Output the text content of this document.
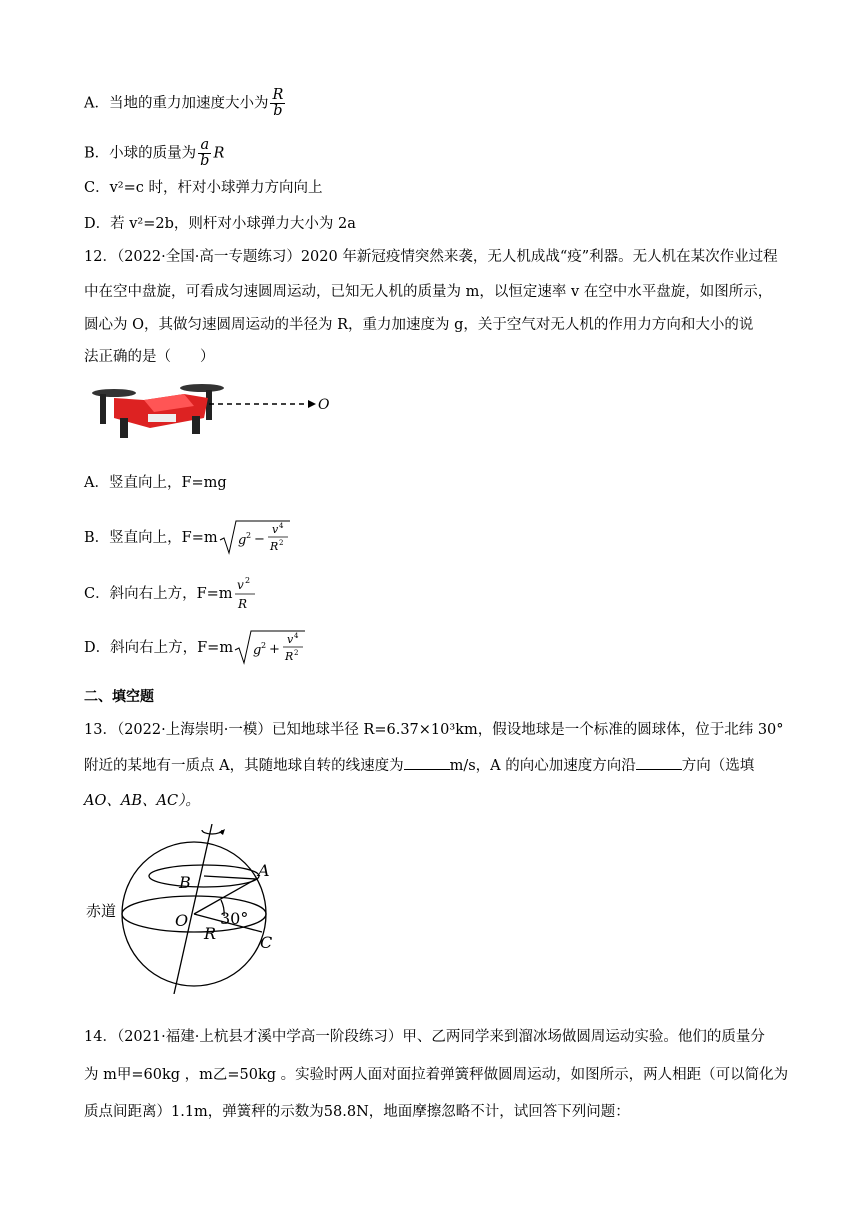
A．当地的重力加速度大小为 $\frac{R}{b}$
B．小球的质量为 $\frac{a}{b}$ R
C．v²=c 时，杆对小球弹力方向向上
D．若 v²=2b，则杆对小球弹力大小为 2a
12．（2022·全国·高一专题练习）2020 年新冠疫情突然来袭，无人机成战“疫”利器。无人机在某次作业过程
中在空中盘旋，可看成匀速圆周运动，已知无人机的质量为 m，以恒定速率 v 在空中水平盘旋，如图所示，
圆心为 O，其做匀速圆周运动的半径为 R，重力加速度为 g，关于空气对无人机的作用力方向和大小的说
法正确的是（　　）
O
A．竖直向上，F=mg
B．竖直向上，F=m g 2 −
v 4
R 2
C．斜向右上方，F=m
v 2
R
D．斜向右上方，F=m g 2 +
v 4
R 2
二、填空题
13．（2022·上海崇明·一模）已知地球半径 R=6.37×10³km，假设地球是一个标准的圆球体，位于北纬 30°
附近的某地有一质点 A，其随地球自转的线速度为	m/s，A 的向心加速度方向沿	方向（选填
AO、AB、AC）。
赤道
B
A
O
R	C
30°
14．（2021·福建·上杭县才溪中学高一阶段练习）甲、乙两同学来到溜冰场做圆周运动实验。他们的质量分
为 m甲=60kg ，m乙=50kg 。实验时两人面对面拉着弹簧秤做圆周运动，如图所示，两人相距（可以简化为
质点间距离）1.1m，弹簧秤的示数为58.8N，地面摩擦忽略不计，试回答下列问题：
